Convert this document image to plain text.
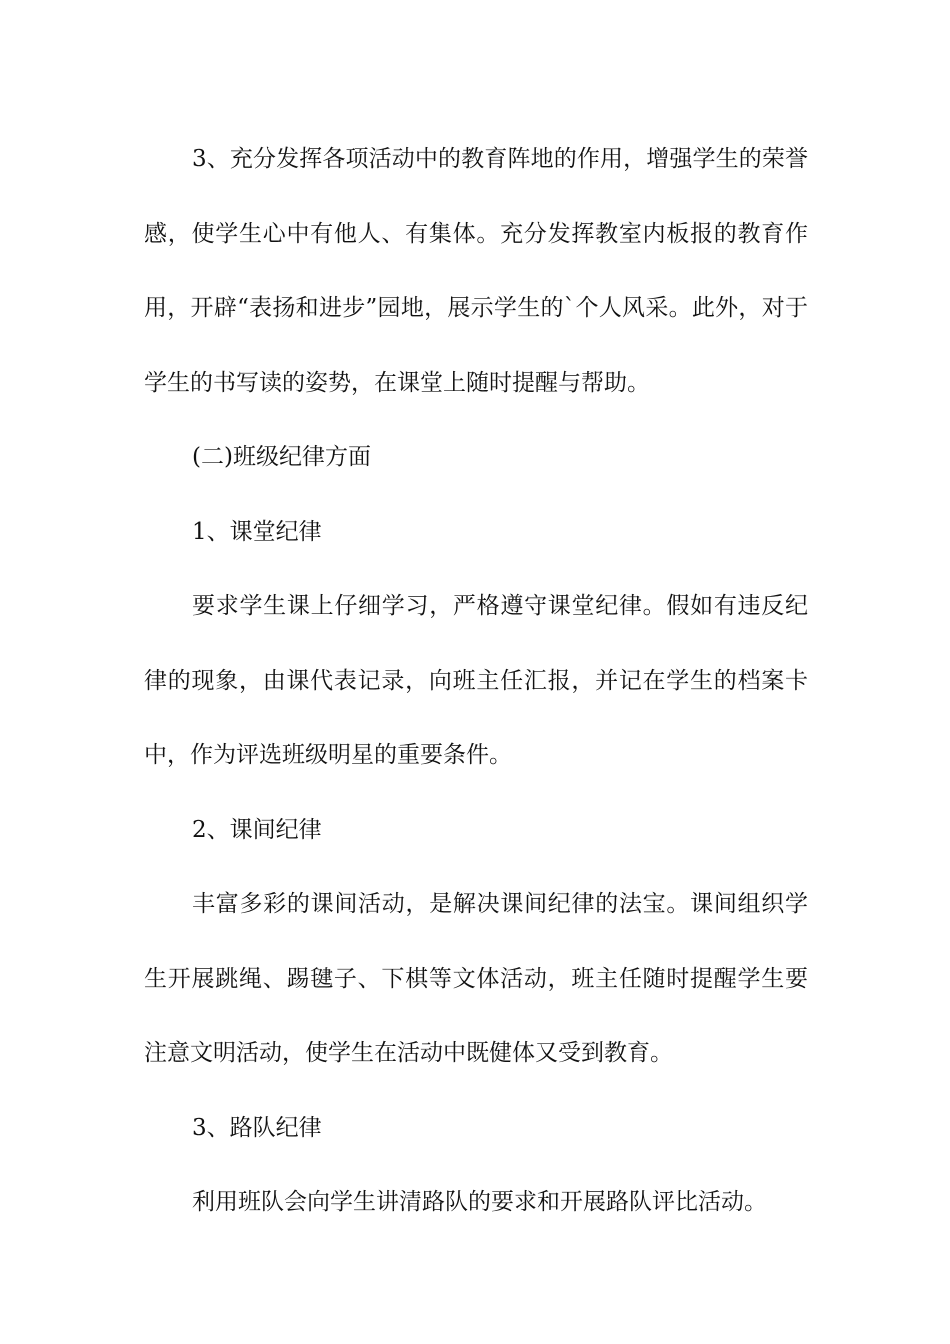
3、充分发挥各项活动中的教育阵地的作用，增强学生的荣誉感，使学生心中有他人、有集体。充分发挥教室内板报的教育作用，开辟“表扬和进步”园地，展示学生的`个人风采。此外，对于学生的书写读的姿势，在课堂上随时提醒与帮助。

(二)班级纪律方面

1、课堂纪律

要求学生课上仔细学习，严格遵守课堂纪律。假如有违反纪律的现象，由课代表记录，向班主任汇报，并记在学生的档案卡中，作为评选班级明星的重要条件。

2、课间纪律

丰富多彩的课间活动，是解决课间纪律的法宝。课间组织学生开展跳绳、踢毽子、下棋等文体活动，班主任随时提醒学生要注意文明活动，使学生在活动中既健体又受到教育。

3、路队纪律

利用班队会向学生讲清路队的要求和开展路队评比活动。
